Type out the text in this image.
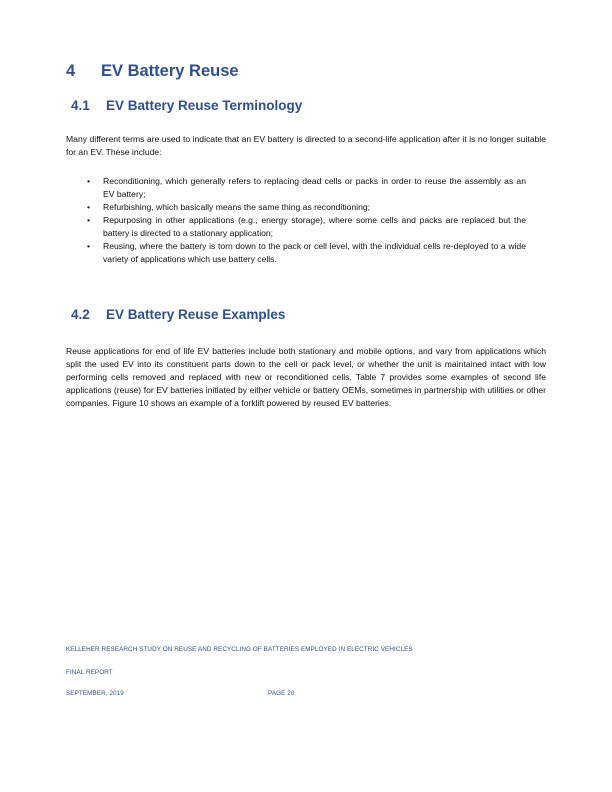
4 EV Battery Reuse
4.1 EV Battery Reuse Terminology

Many different terms are used to indicate that an EV battery is directed to a second-life application after it is no longer suitable for an EV. These include:

• Reconditioning, which generally refers to replacing dead cells or packs in order to reuse the assembly as an EV battery;
• Refurbishing, which basically means the same thing as reconditioning;
• Repurposing in other applications (e.g., energy storage), where some cells and packs are replaced but the battery is directed to a stationary application;
• Reusing, where the battery is torn down to the pack or cell level, with the individual cells re-deployed to a wide variety of applications which use battery cells.
4.2 EV Battery Reuse Examples

Reuse applications for end of life EV batteries include both stationary and mobile options, and vary from applications which split the used EV into its constituent parts down to the cell or pack level, or whether the unit is maintained intact with low performing cells removed and replaced with new or reconditioned cells. Table 7 provides some examples of second life applications (reuse) for EV batteries initiated by either vehicle or battery OEMs, sometimes in partnership with utilities or other companies. Figure 10 shows an example of a forklift powered by reused EV batteries.

KELLEHER RESEARCH STUDY ON REUSE AND RECYCLING OF BATTERIES EMPLOYED IN ELECTRIC VEHICLES
FINAL REPORT
SEPTEMBER, 2019	PAGE 20
